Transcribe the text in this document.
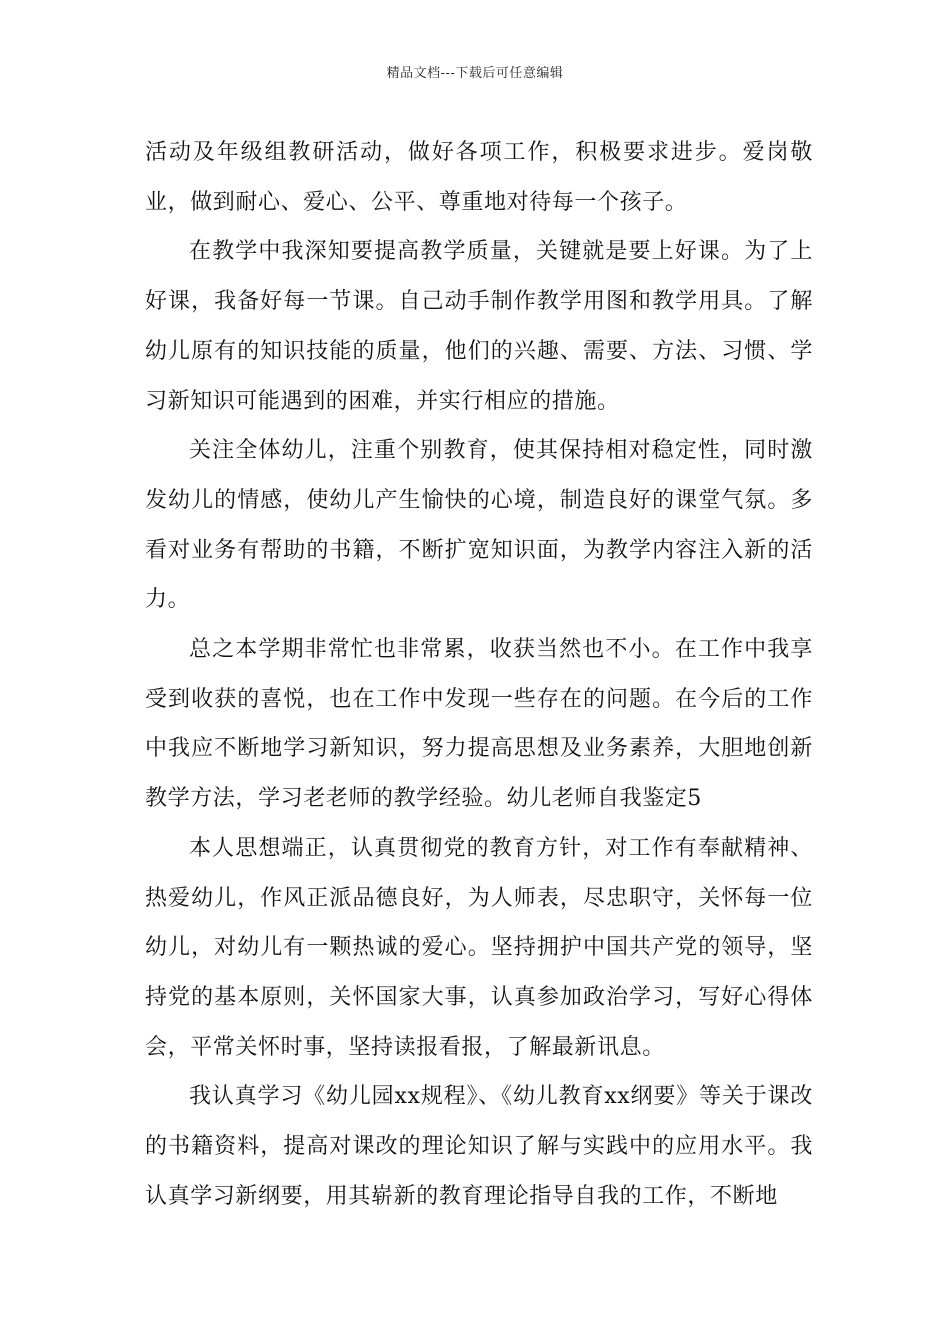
精品文档---下载后可任意编辑

活动及年级组教研活动，做好各项工作，积极要求进步。爱岗敬业，做到耐心、爱心、公平、尊重地对待每一个孩子。

在教学中我深知要提高教学质量，关键就是要上好课。为了上好课，我备好每一节课。自己动手制作教学用图和教学用具。了解幼儿原有的知识技能的质量，他们的兴趣、需要、方法、习惯、学习新知识可能遇到的困难，并实行相应的措施。

关注全体幼儿，注重个别教育，使其保持相对稳定性，同时激发幼儿的情感，使幼儿产生愉快的心境，制造良好的课堂气氛。多看对业务有帮助的书籍，不断扩宽知识面，为教学内容注入新的活力。

总之本学期非常忙也非常累，收获当然也不小。在工作中我享受到收获的喜悦，也在工作中发现一些存在的问题。在今后的工作中我应不断地学习新知识，努力提高思想及业务素养，大胆地创新教学方法，学习老老师的教学经验。幼儿老师自我鉴定5

本人思想端正，认真贯彻党的教育方针，对工作有奉献精神、热爱幼儿，作风正派品德良好，为人师表，尽忠职守，关怀每一位幼儿，对幼儿有一颗热诚的爱心。坚持拥护中国共产党的领导，坚持党的基本原则，关怀国家大事，认真参加政治学习，写好心得体会，平常关怀时事，坚持读报看报，了解最新讯息。

我认真学习《幼儿园xx规程》、《幼儿教育xx纲要》等关于课改的书籍资料，提高对课改的理论知识了解与实践中的应用水平。我认真学习新纲要，用其崭新的教育理论指导自我的工作，不断地
